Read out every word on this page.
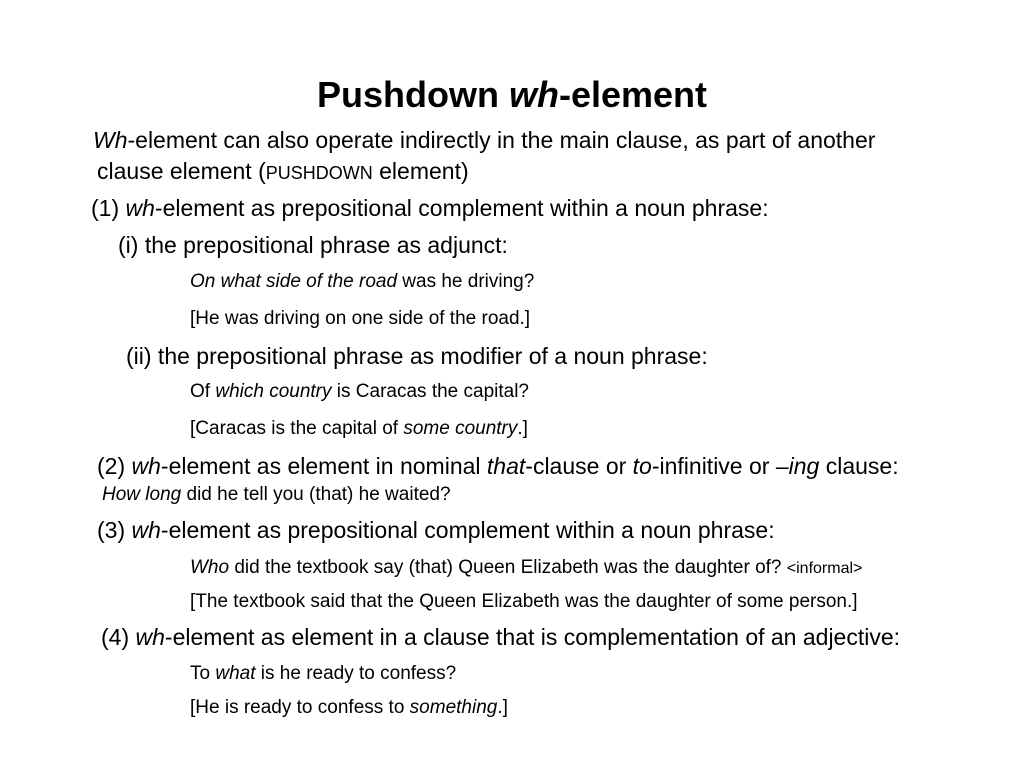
Pushdown wh-element
Wh-element can also operate indirectly in the main clause, as part of another
clause element (PUSHDOWN element)
(1) wh-element as prepositional complement within a noun phrase:
(i) the prepositional phrase as adjunct:
On what side of the road was he driving?
[He was driving on one side of the road.]
(ii) the prepositional phrase as modifier of a noun phrase:
Of which country is Caracas the capital?
[Caracas is the capital of some country.]
(2) wh-element as element in nominal that-clause or to-infinitive or –ing clause:
How long did he tell you (that) he waited?
(3) wh-element as prepositional complement within a noun phrase:
Who did the textbook say (that) Queen Elizabeth was the daughter of? <informal>
[The textbook said that the Queen Elizabeth was the daughter of some person.]
(4) wh-element as element in a clause that is complementation of an adjective:
To what is he ready to confess?
[He is ready to confess to something.]
